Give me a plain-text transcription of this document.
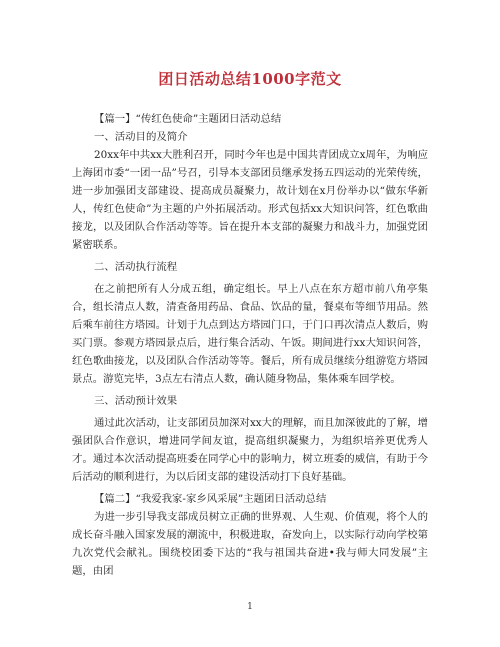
团日活动总结1000字范文

【篇一】“传红色使命”主题团日活动总结

一、活动目的及简介

20xx年中共xx大胜利召开，同时今年也是中国共青团成立x周年，为响应上海团市委“一团一品”号召，引导本支部团员继承发扬五四运动的光荣传统，进一步加强团支部建设、提高成员凝聚力，故计划在x月份举办以“做东华新人，传红色使命”为主题的户外拓展活动。形式包括xx大知识问答，红色歌曲接龙，以及团队合作活动等等。旨在提升本支部的凝聚力和战斗力，加强党团紧密联系。

二、活动执行流程

在之前把所有人分成五组，确定组长。早上八点在东方超市前八角亭集合，组长清点人数，清查备用药品、食品、饮品的量，餐桌布等细节用品。然后乘车前往方塔园。计划于九点到达方塔园门口，于门口再次清点人数后，购买门票。参观方塔园景点后，进行集合活动、午饭。期间进行xx大知识问答，红色歌曲接龙，以及团队合作活动等等。餐后，所有成员继续分组游览方塔园景点。游览完毕，3点左右清点人数，确认随身物品，集体乘车回学校。

三、活动预计效果

通过此次活动，让支部团员加深对xx大的理解，而且加深彼此的了解，增强团队合作意识，增进同学间友谊，提高组织凝聚力，为组织培养更优秀人才。通过本次活动提高班委在同学心中的影响力，树立班委的威信，有助于今后活动的顺利进行，为以后团支部的建设活动打下良好基础。

【篇二】“我爱我家-家乡风采展”主题团日活动总结

为进一步引导我支部成员树立正确的世界观、人生观、价值观，将个人的成长奋斗融入国家发展的潮流中，积极进取，奋发向上，以实际行动向学校第九次党代会献礼。围绕校团委下达的“我与祖国共奋进•我与师大同发展”主题，由团

1
